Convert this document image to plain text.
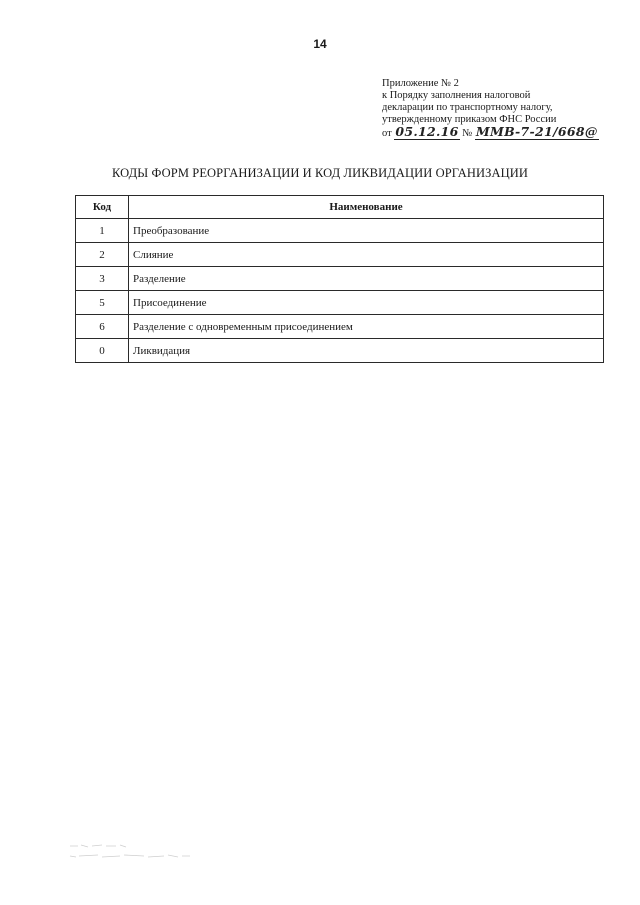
14
Приложение № 2
к Порядку заполнения налоговой
декларации по транспортному налогу,
утвержденному приказом ФНС России
от 05.12.16 № ММВ-7-21/668@
КОДЫ ФОРМ РЕОРГАНИЗАЦИИ И КОД ЛИКВИДАЦИИ ОРГАНИЗАЦИИ
Код	Наименование
1	Преобразование
2	Слияние
3	Разделение
5	Присоединение
6	Разделение с одновременным присоединением
0	Ликвидация
